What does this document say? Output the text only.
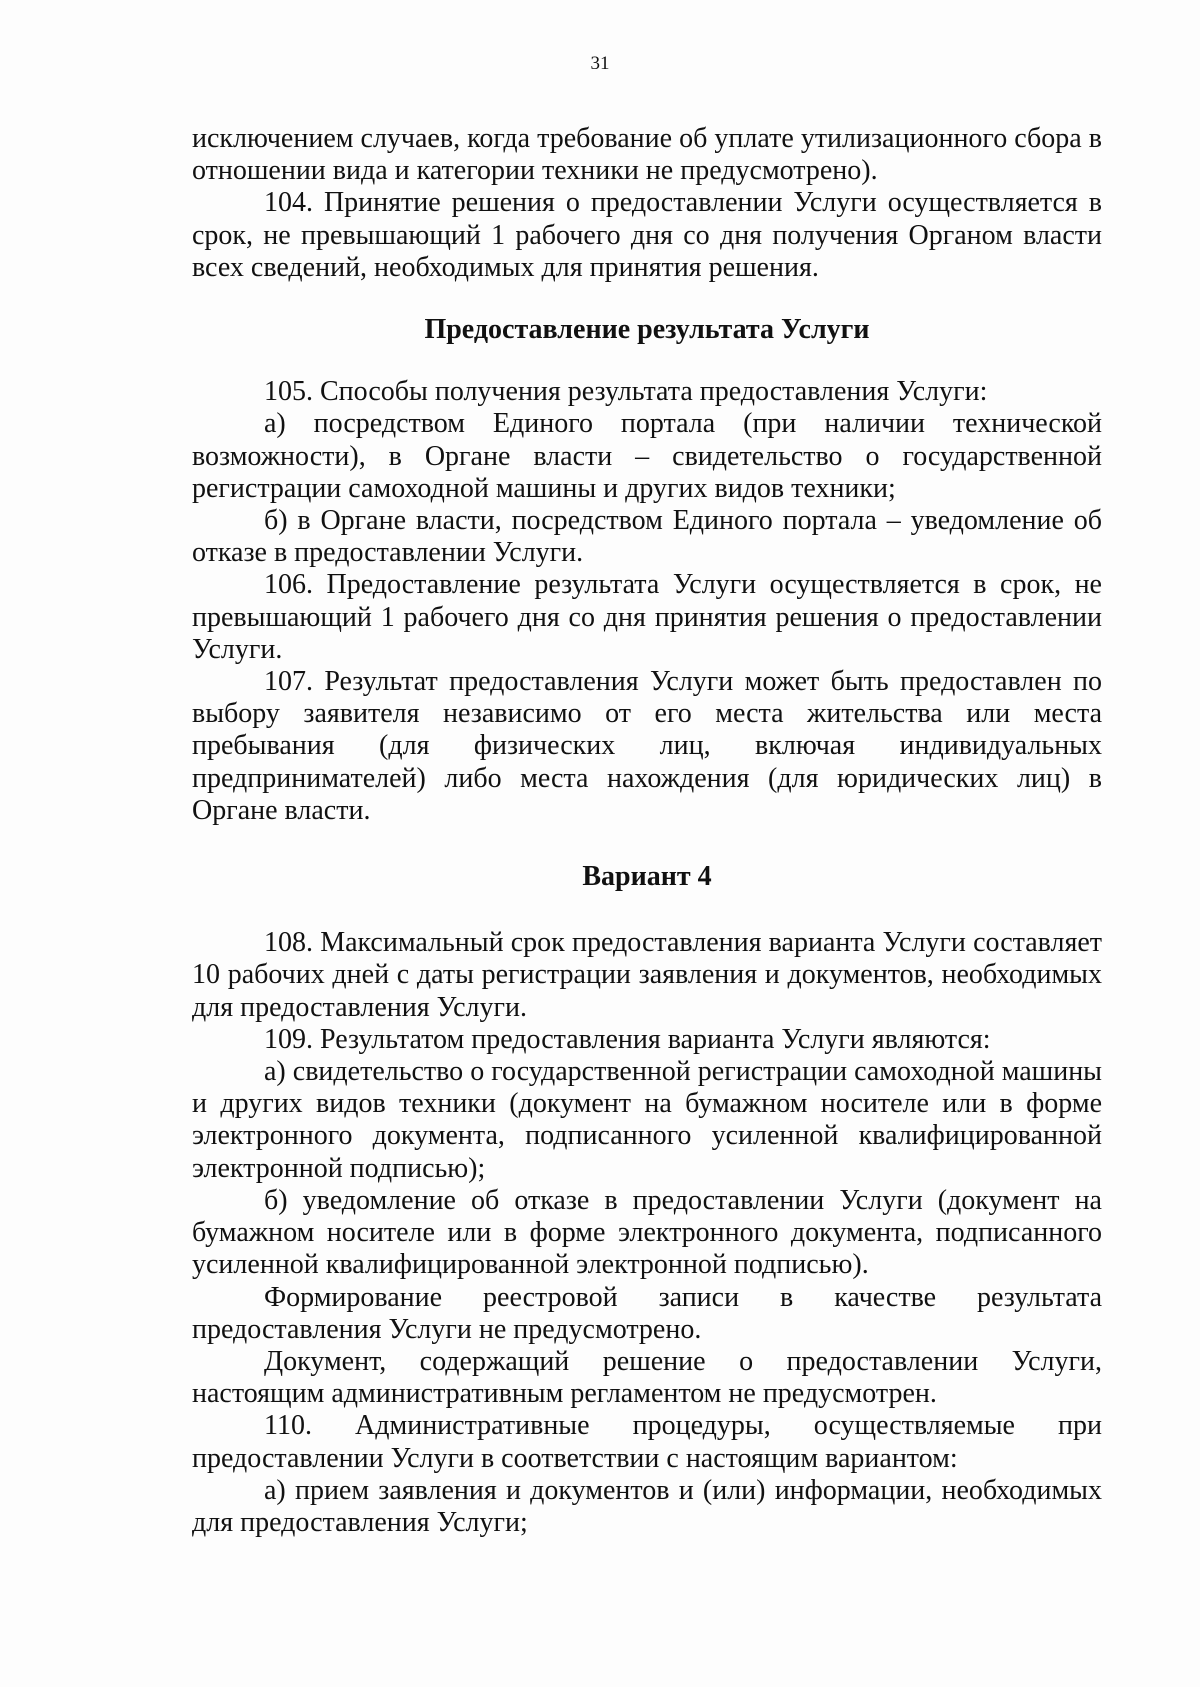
31

исключением случаев, когда требование об уплате утилизационного сбора в отношении вида и категории техники не предусмотрено).

104. Принятие решения о предоставлении Услуги осуществляется в срок, не превышающий 1 рабочего дня со дня получения Органом власти всех сведений, необходимых для принятия решения.

Предоставление результата Услуги

105. Способы получения результата предоставления Услуги:

а) посредством Единого портала (при наличии технической возможности), в Органе власти – свидетельство о государственной регистрации самоходной машины и других видов техники;

б) в Органе власти, посредством Единого портала – уведомление об отказе в предоставлении Услуги.

106. Предоставление результата Услуги осуществляется в срок, не превышающий 1 рабочего дня со дня принятия решения о предоставлении Услуги.

107. Результат предоставления Услуги может быть предоставлен по выбору заявителя независимо от его места жительства или места пребывания (для физических лиц, включая индивидуальных предпринимателей) либо места нахождения (для юридических лиц) в Органе власти.

Вариант 4

108. Максимальный срок предоставления варианта Услуги составляет 10 рабочих дней с даты регистрации заявления и документов, необходимых для предоставления Услуги.

109. Результатом предоставления варианта Услуги являются:

а) свидетельство о государственной регистрации самоходной машины и других видов техники (документ на бумажном носителе или в форме электронного документа, подписанного усиленной квалифицированной электронной подписью);

б) уведомление об отказе в предоставлении Услуги (документ на бумажном носителе или в форме электронного документа, подписанного усиленной квалифицированной электронной подписью).

Формирование реестровой записи в качестве результата предоставления Услуги не предусмотрено.

Документ, содержащий решение о предоставлении Услуги, настоящим административным регламентом не предусмотрен.

110. Административные процедуры, осуществляемые при предоставлении Услуги в соответствии с настоящим вариантом:

а) прием заявления и документов и (или) информации, необходимых для предоставления Услуги;
